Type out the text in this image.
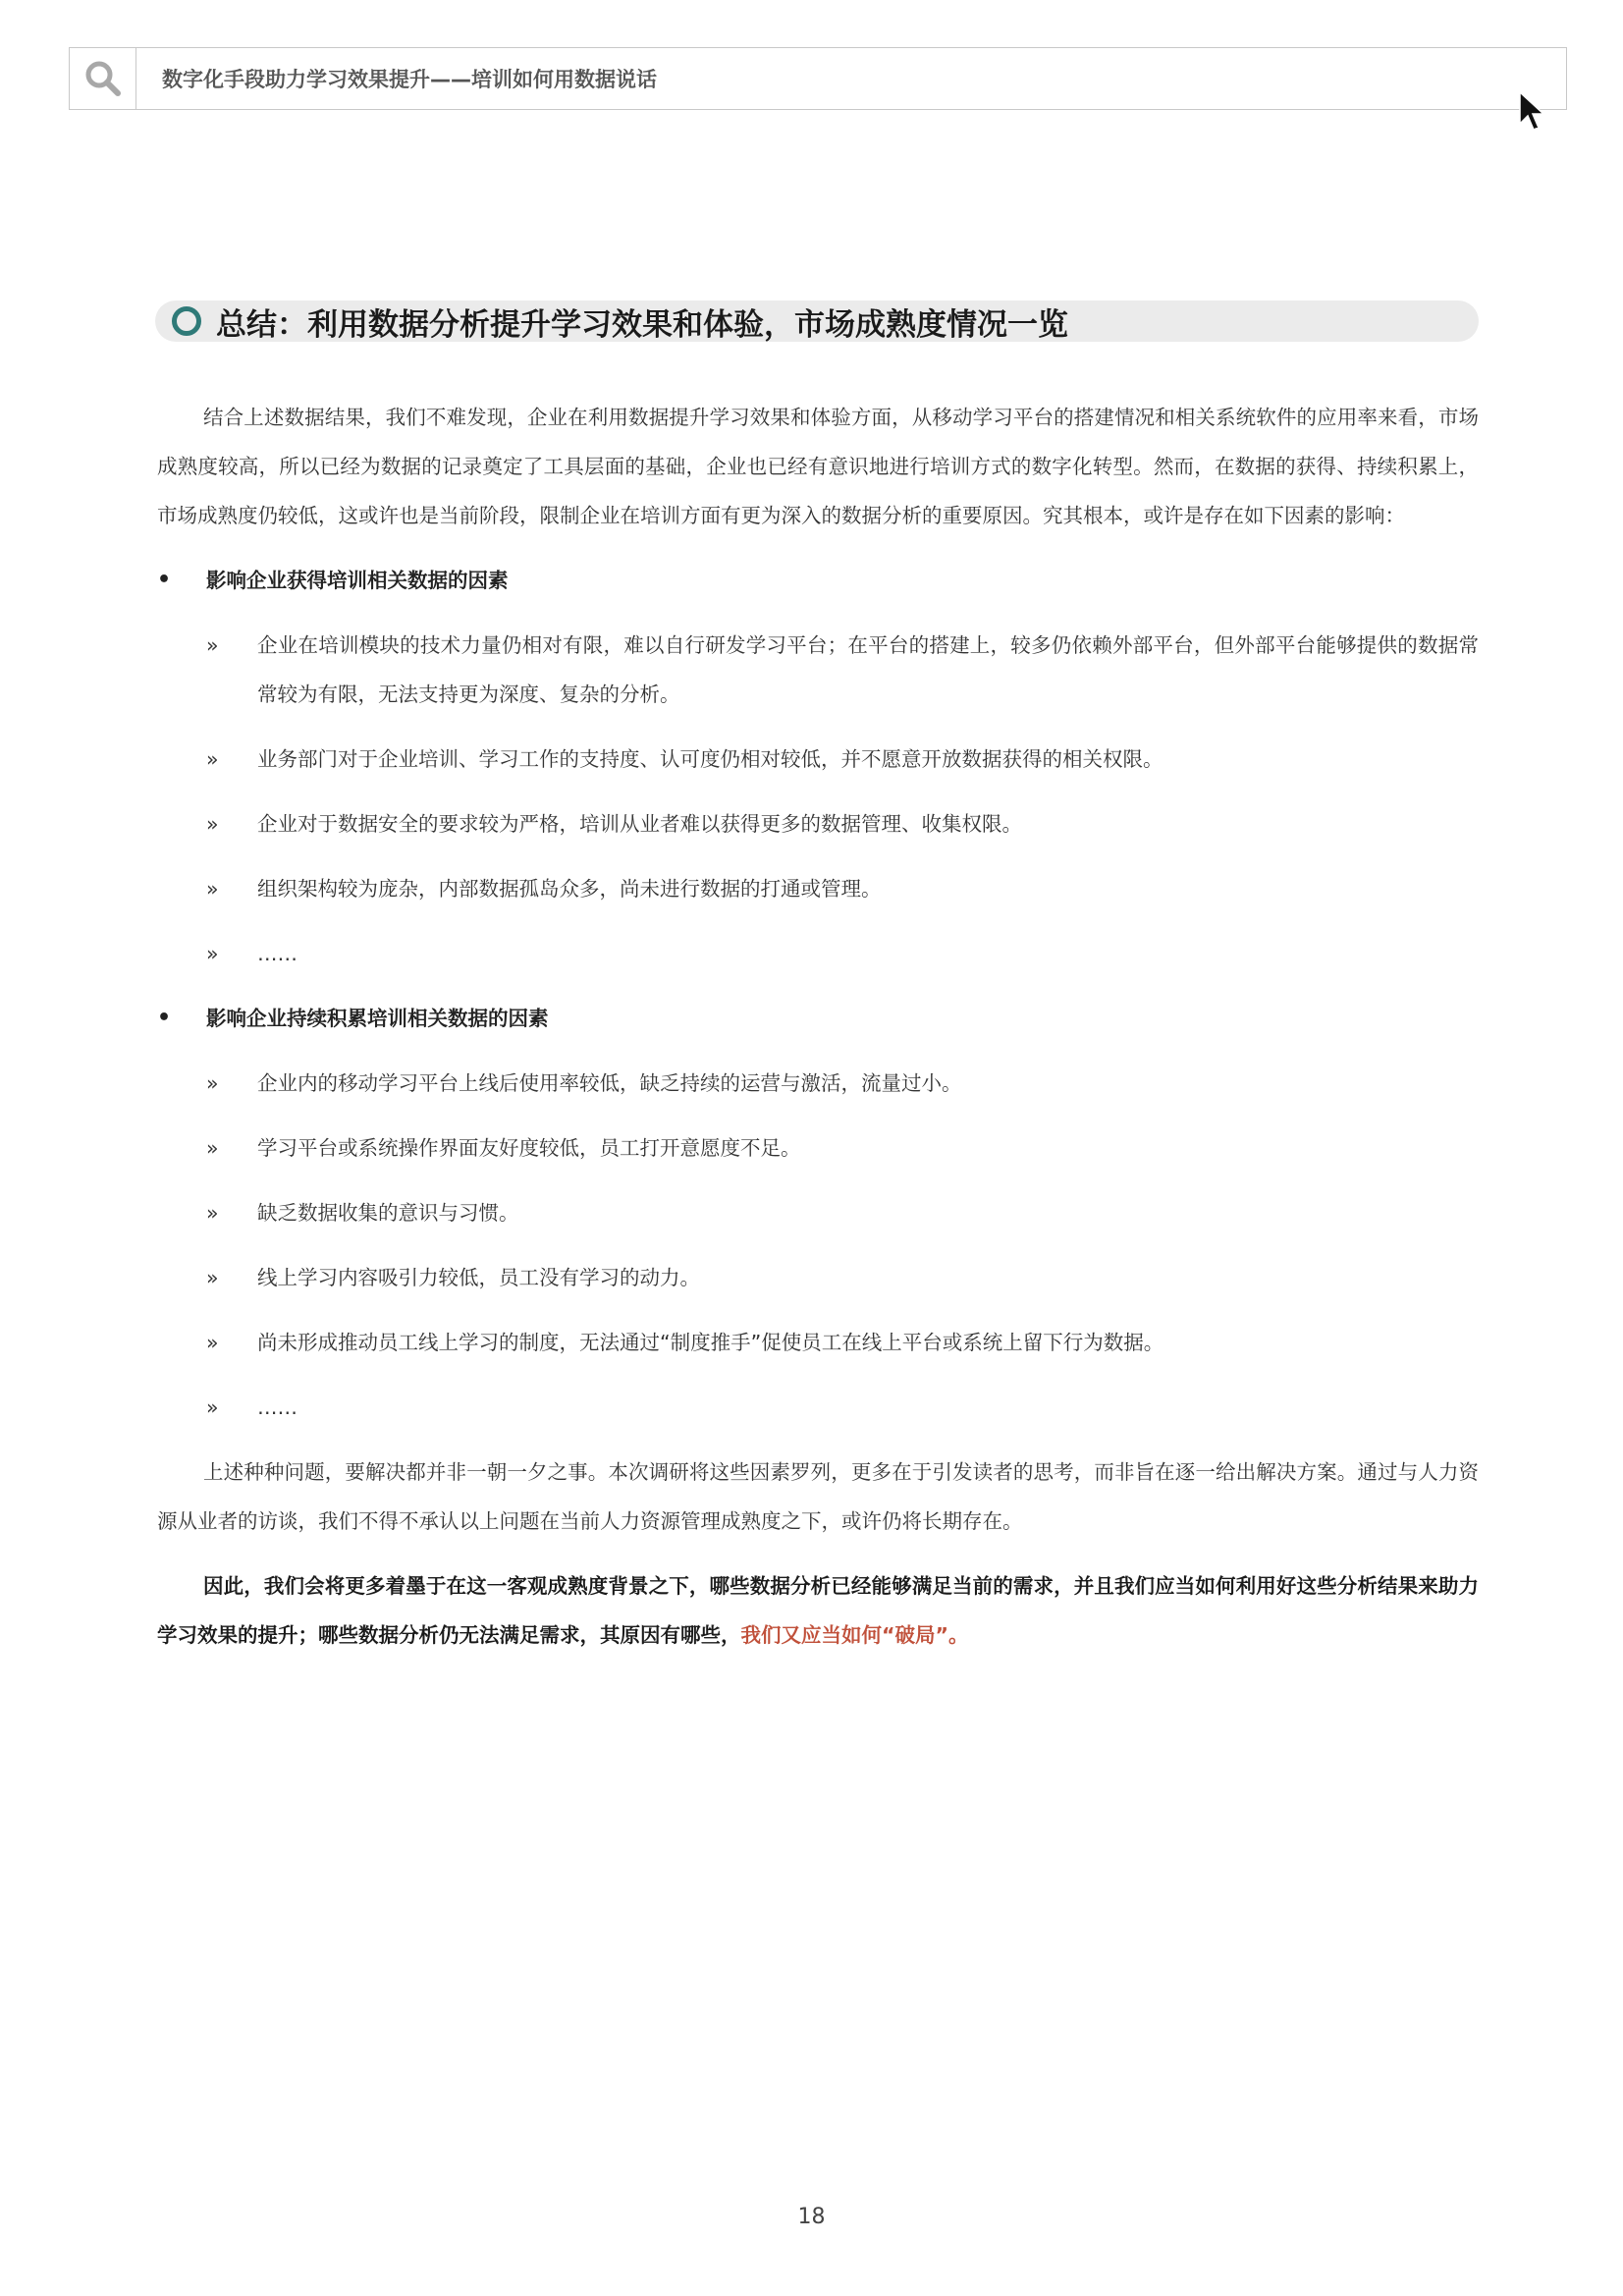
数字化手段助力学习效果提升——培训如何用数据说话
总结：利用数据分析提升学习效果和体验，市场成熟度情况一览

结合上述数据结果，我们不难发现，企业在利用数据提升学习效果和体验方面，从移动学习平台的搭建情况和相关系统软件的应用率来看，市场成熟度较高，所以已经为数据的记录奠定了工具层面的基础，企业也已经有意识地进行培训方式的数字化转型。然而，在数据的获得、持续积累上，市场成熟度仍较低，这或许也是当前阶段，限制企业在培训方面有更为深入的数据分析的重要原因。究其根本，或许是存在如下因素的影响：

•	影响企业获得培训相关数据的因素
»	企业在培训模块的技术力量仍相对有限，难以自行研发学习平台；在平台的搭建上，较多仍依赖外部平台，但外部平台能够提供的数据常常较为有限，无法支持更为深度、复杂的分析。
»	业务部门对于企业培训、学习工作的支持度、认可度仍相对较低，并不愿意开放数据获得的相关权限。
»	企业对于数据安全的要求较为严格，培训从业者难以获得更多的数据管理、收集权限。
»	组织架构较为庞杂，内部数据孤岛众多，尚未进行数据的打通或管理。
»	……
•	影响企业持续积累培训相关数据的因素
»	企业内的移动学习平台上线后使用率较低，缺乏持续的运营与激活，流量过小。
»	学习平台或系统操作界面友好度较低，员工打开意愿度不足。
»	缺乏数据收集的意识与习惯。
»	线上学习内容吸引力较低，员工没有学习的动力。
»	尚未形成推动员工线上学习的制度，无法通过“制度推手”促使员工在线上平台或系统上留下行为数据。
»	……

上述种种问题，要解决都并非一朝一夕之事。本次调研将这些因素罗列，更多在于引发读者的思考，而非旨在逐一给出解决方案。通过与人力资源从业者的访谈，我们不得不承认以上问题在当前人力资源管理成熟度之下，或许仍将长期存在。

因此，我们会将更多着墨于在这一客观成熟度背景之下，哪些数据分析已经能够满足当前的需求，并且我们应当如何利用好这些分析结果来助力学习效果的提升；哪些数据分析仍无法满足需求，其原因有哪些，我们又应当如何“破局”。

18
